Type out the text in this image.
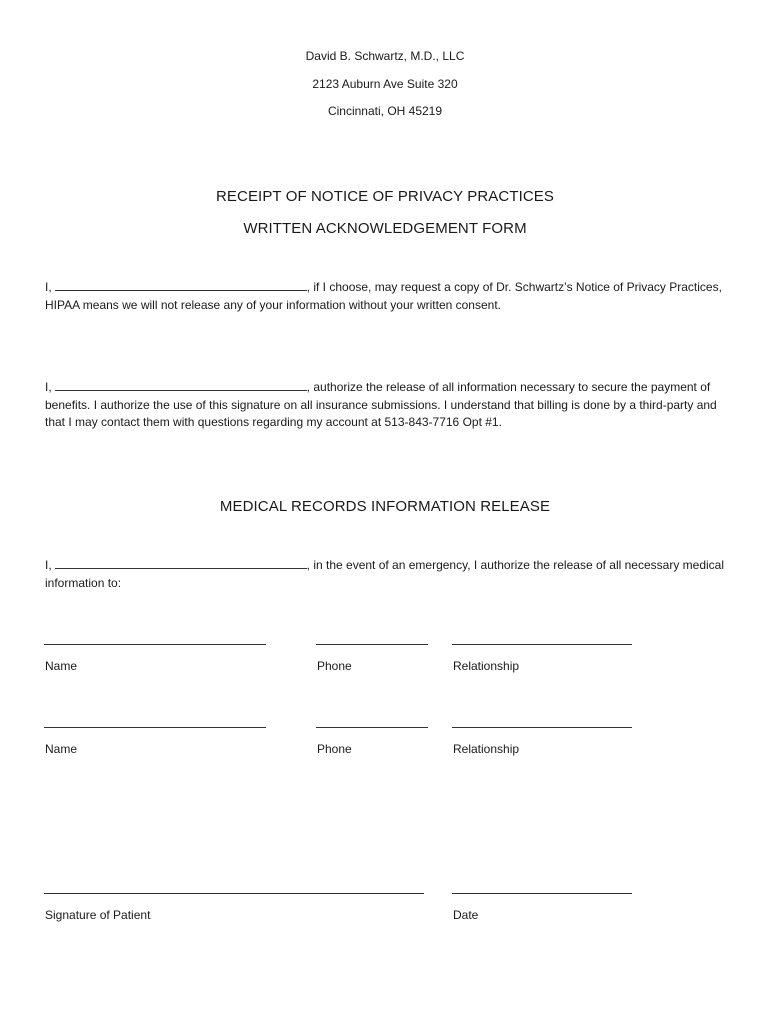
David B. Schwartz, M.D., LLC
2123 Auburn Ave Suite 320
Cincinnati, OH 45219
RECEIPT OF NOTICE OF PRIVACY PRACTICES
WRITTEN ACKNOWLEDGEMENT FORM
I,	, if I choose, may request a copy of Dr. Schwartz’s Notice of Privacy Practices, HIPAA means we will not release any of your information without your written consent.
I,	, authorize the release of all information necessary to secure the payment of benefits. I authorize the use of this signature on all insurance submissions. I understand that billing is done by a third-party and that I may contact them with questions regarding my account at 513-843-7716 Opt #1.
MEDICAL RECORDS INFORMATION RELEASE
I,	, in the event of an emergency, I authorize the release of all necessary medical information to:
Name	Phone	Relationship
Name	Phone	Relationship
Signature of Patient	Date
